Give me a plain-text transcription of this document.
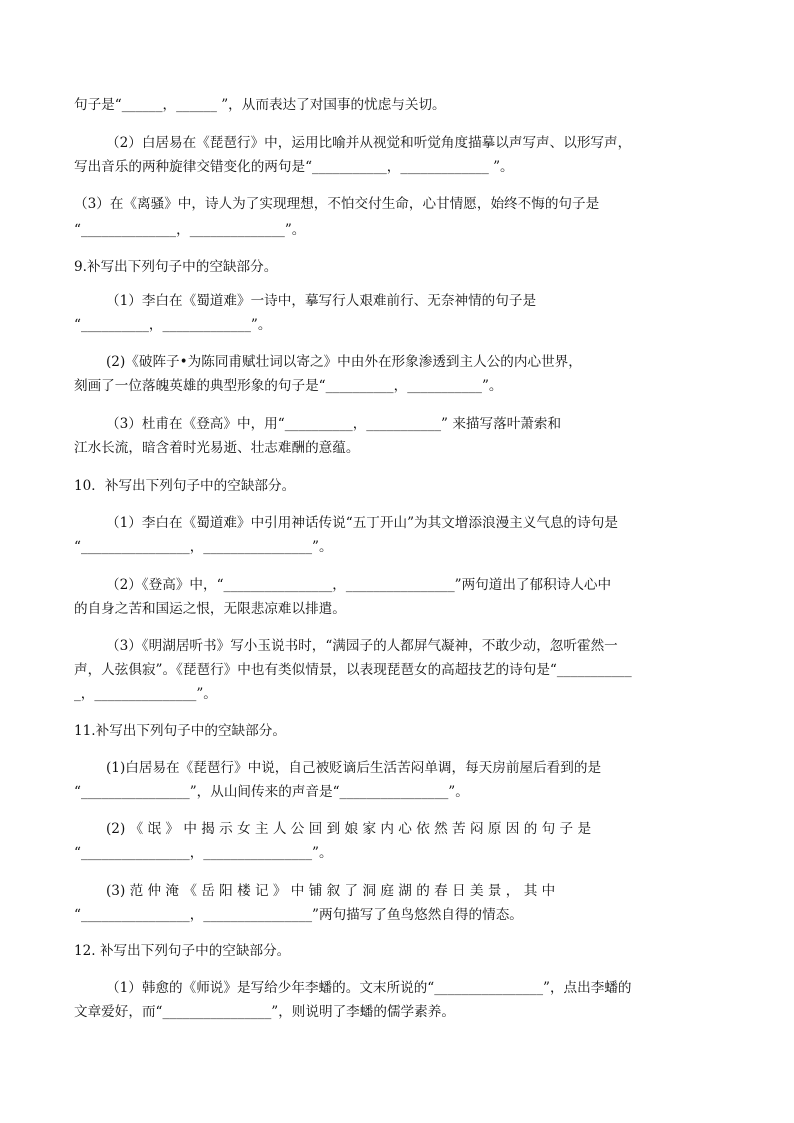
句子是“______，______ ”，从而表达了对国事的忧虑与关切。
（2）白居易在《琵琶行》中，运用比喻并从视觉和听觉角度描摹以声写声、以形写声，
写出音乐的两种旋律交错变化的两句是“___________，_____________ ”。
（3）在《离骚》中，诗人为了实现理想，不怕交付生命，心甘情愿，始终不悔的句子是
“______________，______________”。
9.补写出下列句子中的空缺部分。
（1）李白在《蜀道难》一诗中，摹写行人艰难前行、无奈神情的句子是
“__________，_____________”。
(2)《破阵子•为陈同甫赋壮词以寄之》中由外在形象渗透到主人公的内心世界，
刻画了一位落魄英雄的典型形象的句子是“__________，___________”。
（3）杜甫在《登高》中，用“__________，___________” 来描写落叶萧索和
江水长流，暗含着时光易逝、壮志难酬的意蕴。
10．补写出下列句子中的空缺部分。
（1）李白在《蜀道难》中引用神话传说“五丁开山”为其文增添浪漫主义气息的诗句是
“________________，________________”。
（2）《登高》中，“________________，________________”两句道出了郁积诗人心中
的自身之苦和国运之恨，无限悲凉难以排遣。
（3）《明湖居听书》写小玉说书时，“满园子的人都屏气凝神，不敢少动，忽听霍然一
声，人弦俱寂”。《琵琶行》中也有类似情景，以表现琵琶女的高超技艺的诗句是“___________
_，_______________”。
11.补写出下列句子中的空缺部分。
(1)白居易在《琵琶行》中说，自己被贬谪后生活苦闷单调，每天房前屋后看到的是
“________________”，从山间传来的声音是“________________”。
(2) 《 氓 》 中 揭 示 女 主 人 公 回 到 娘 家 内 心 依 然 苦 闷 原 因 的 句 子 是
“________________，________________”。
(3) 范 仲 淹 《 岳 阳 楼 记 》 中 铺 叙 了 洞 庭 湖 的 春 日 美 景 ， 其 中
“________________，________________”两句描写了鱼鸟悠然自得的情态。
12. 补写出下列句子中的空缺部分。
（1）韩愈的《师说》是写给少年李蟠的。文末所说的“________________”，点出李蟠的
文章爱好，而“________________”，则说明了李蟠的儒学素养。
